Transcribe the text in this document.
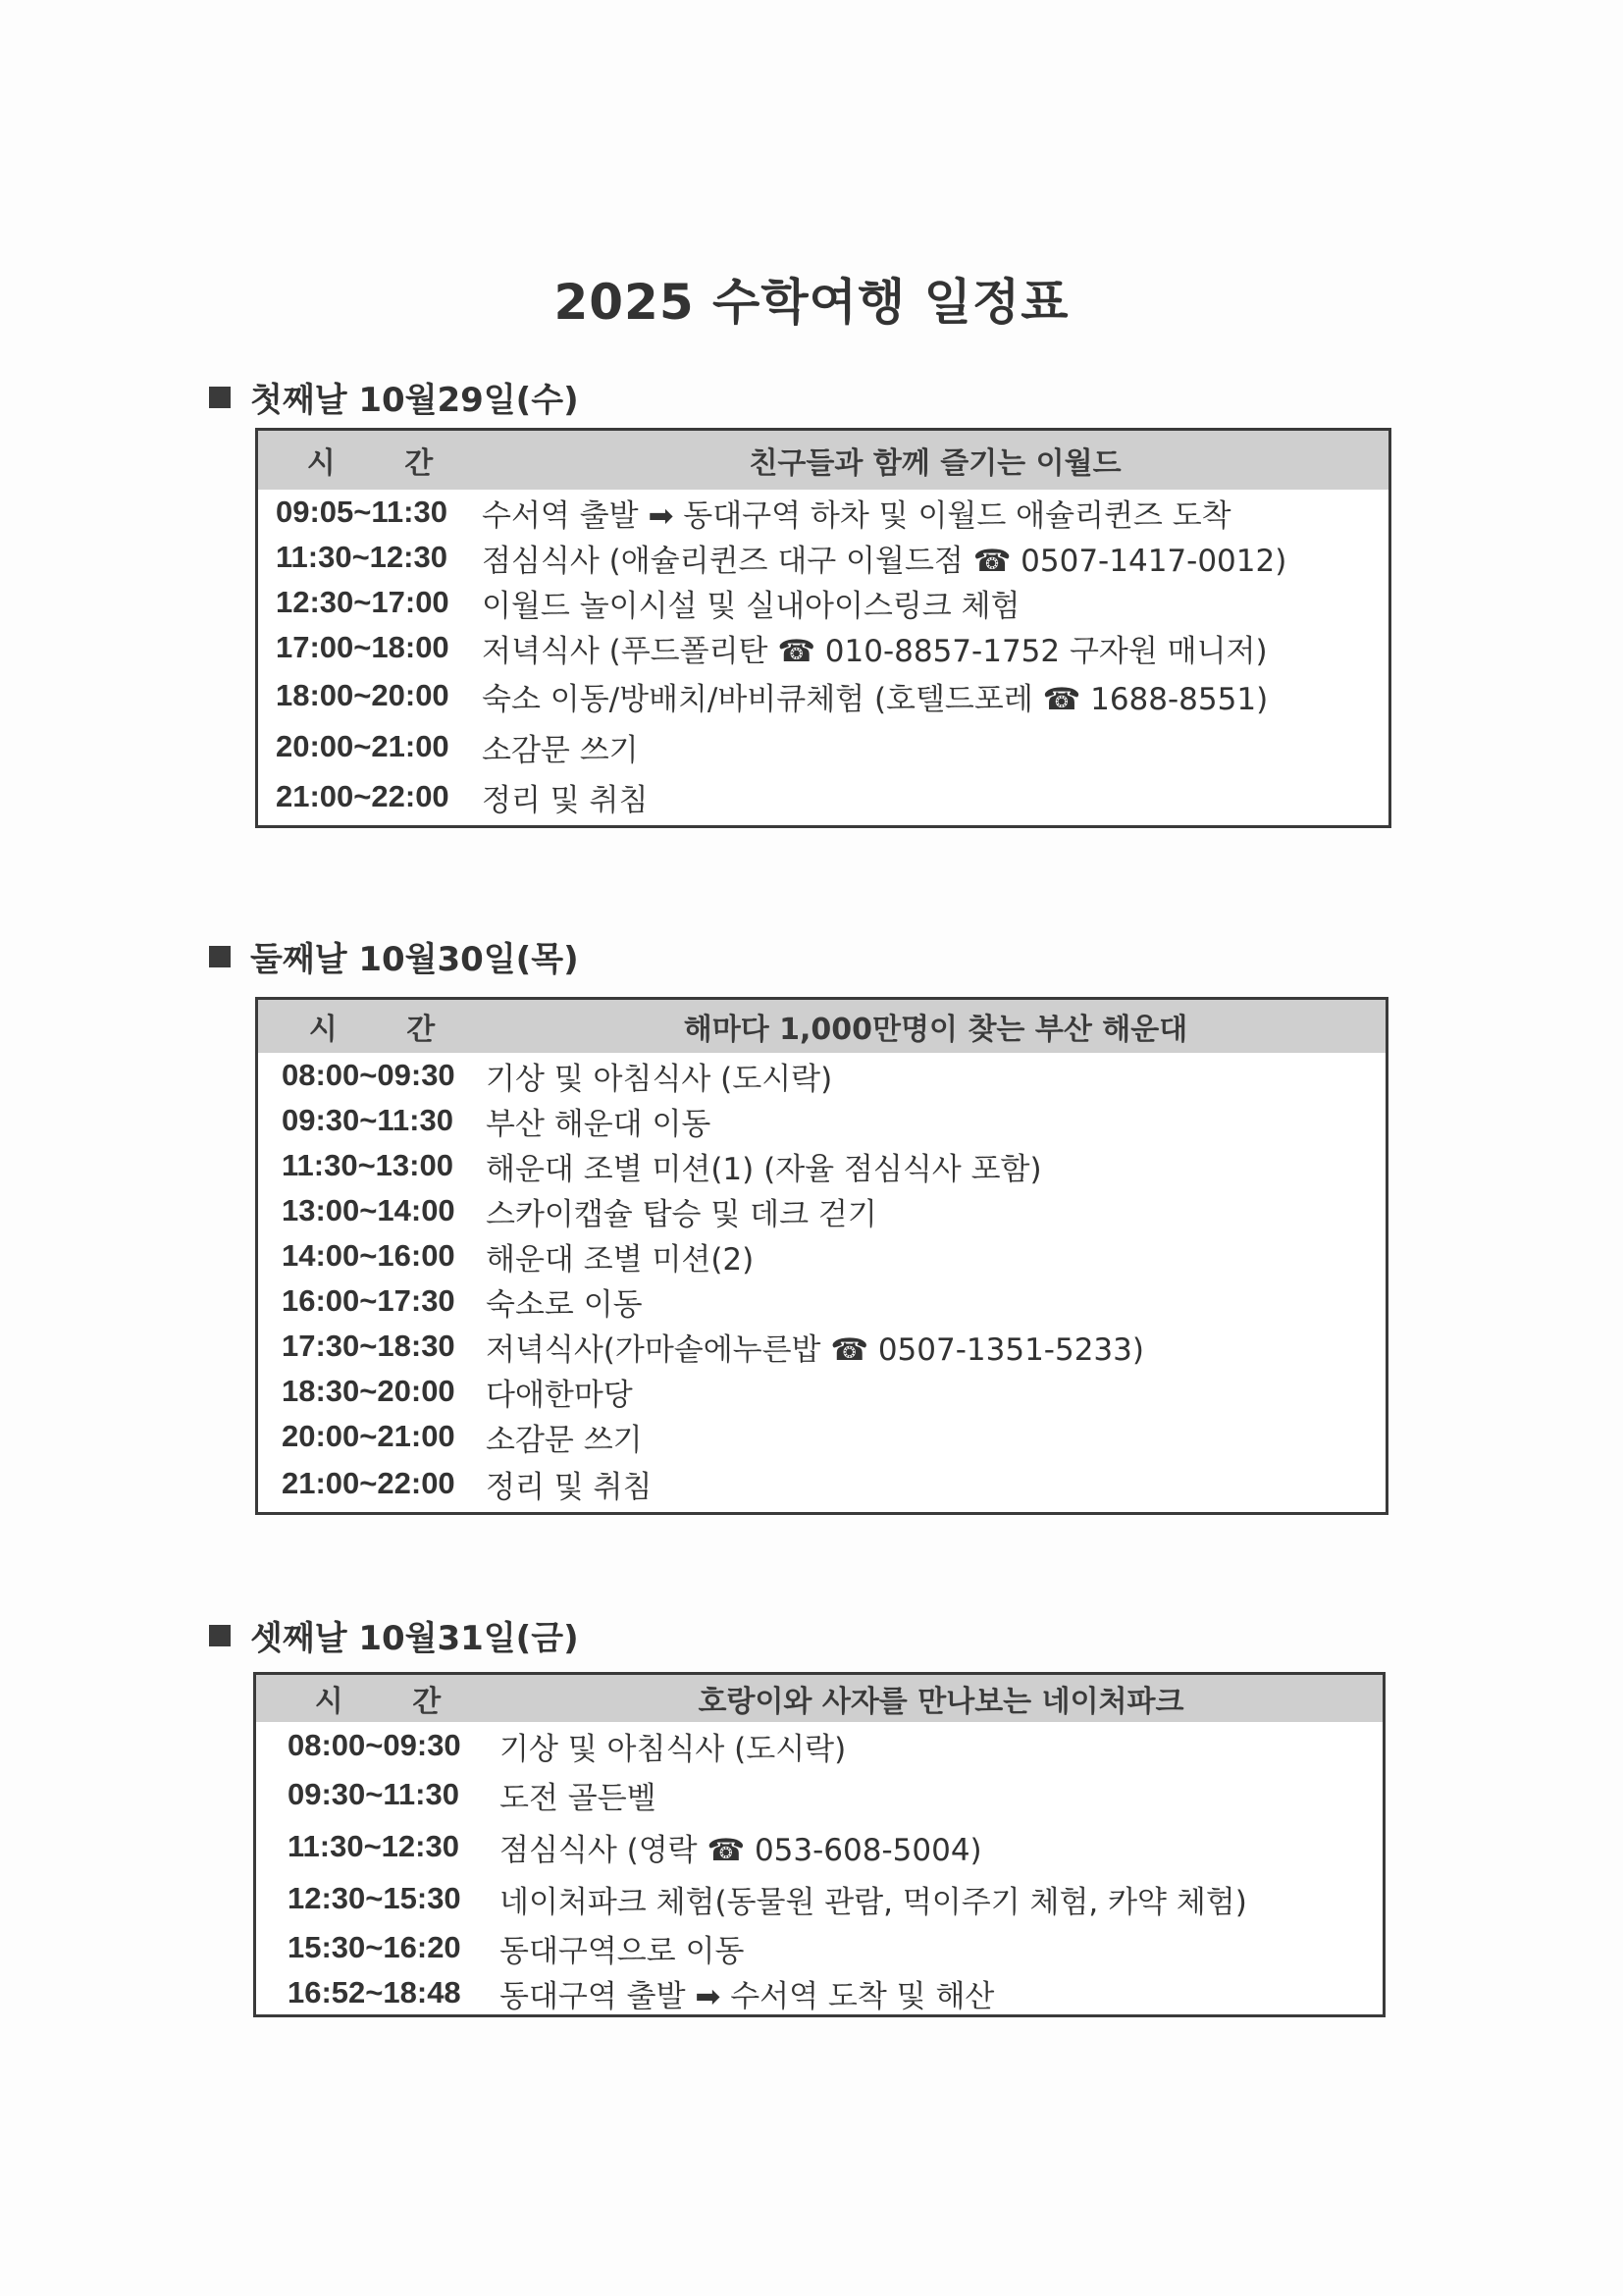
2025 수학여행 일정표
첫째날 10월29일(수)
시 간	친구들과 함께 즐기는 이월드
09:05~11:30	수서역 출발 ➡ 동대구역 하차 및 이월드 애슐리퀸즈 도착
11:30~12:30	점심식사 (애슐리퀸즈 대구 이월드점 ☎ 0507-1417-0012)
12:30~17:00	이월드 놀이시설 및 실내아이스링크 체험
17:00~18:00	저녁식사 (푸드폴리탄 ☎ 010-8857-1752 구자원 매니저)
18:00~20:00	숙소 이동/방배치/바비큐체험 (호텔드포레 ☎ 1688-8551)
20:00~21:00	소감문 쓰기
21:00~22:00	정리 및 취침
둘째날 10월30일(목)
시 간	해마다 1,000만명이 찾는 부산 해운대
08:00~09:30	기상 및 아침식사 (도시락)
09:30~11:30	부산 해운대 이동
11:30~13:00	해운대 조별 미션(1) (자율 점심식사 포함)
13:00~14:00	스카이캡슐 탑승 및 데크 걷기
14:00~16:00	해운대 조별 미션(2)
16:00~17:30	숙소로 이동
17:30~18:30	저녁식사(가마솥에누른밥 ☎ 0507-1351-5233)
18:30~20:00	다애한마당
20:00~21:00	소감문 쓰기
21:00~22:00	정리 및 취침
셋째날 10월31일(금)
시 간	호랑이와 사자를 만나보는 네이처파크
08:00~09:30	기상 및 아침식사 (도시락)
09:30~11:30	도전 골든벨
11:30~12:30	점심식사 (영락 ☎ 053-608-5004)
12:30~15:30	네이처파크 체험(동물원 관람, 먹이주기 체험, 카약 체험)
15:30~16:20	동대구역으로 이동
16:52~18:48	동대구역 출발 ➡ 수서역 도착 및 해산
